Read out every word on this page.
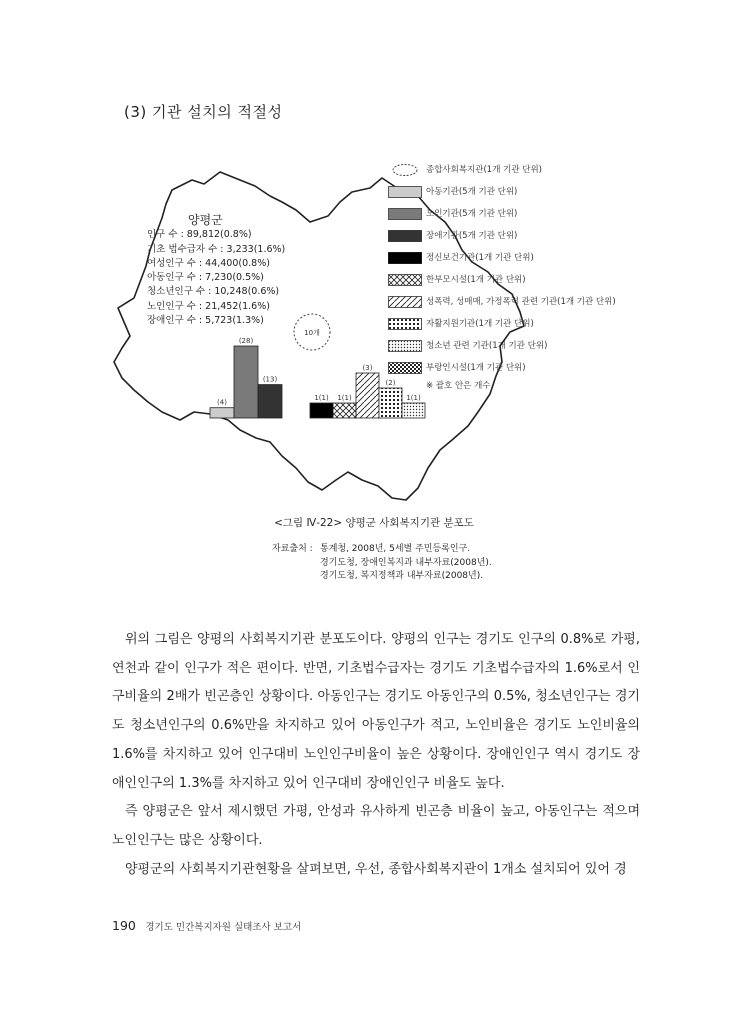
(3) 기관 설치의 적절성
10개
(4)
(28)
(13)
1(1) 1(1)
(3)
(2)
1(1)
양평군
인구 수 : 89,812(0.8%)
기초 법수급자 수 : 3,233(1.6%)
여성인구 수 : 44,400(0.8%)
아동인구 수 : 7,230(0.5%)
청소년인구 수 : 10,248(0.6%)
노인인구 수 : 21,452(1.6%)
장애인구 수 : 5,723(1.3%)
종합사회복지관(1개 기관 단위)
아동기관(5개 기관 단위)
노인기관(5개 기관 단위)
장애기관(5개 기관 단위)
정신보건기관(1개 기관 단위)
한부모시설(1개 기관 단위)
성폭력, 성매매, 가정폭력 관련 기관(1개 기관 단위)
자활지원기관(1개 기관 단위)
청소년 관련 기관(1개 기관 단위)
부랑인시설(1개 기관 단위)
※ 괄호 안은 개수
<그림 Ⅳ-22> 양평군 사회복지기관 분포도
자료출처 : 통계청, 2008년, 5세별 주민등록인구.
경기도청, 장애인복지과 내부자료(2008년).
경기도청, 복지정책과 내부자료(2008년).

위의 그림은 양평의 사회복지기관 분포도이다. 양평의 인구는 경기도 인구의 0.8%로 가평, 연천과 같이 인구가 적은 편이다. 반면, 기초법수급자는 경기도 기초법수급자의 1.6%로서 인구비율의 2배가 빈곤층인 상황이다. 아동인구는 경기도 아동인구의 0.5%, 청소년인구는 경기도 청소년인구의 0.6%만을 차지하고 있어 아동인구가 적고, 노인비율은 경기도 노인비율의 1.6%를 차지하고 있어 인구대비 노인인구비율이 높은 상황이다. 장애인인구 역시 경기도 장애인인구의 1.3%를 차지하고 있어 인구대비 장애인인구 비율도 높다.

즉 양평군은 앞서 제시했던 가평, 안성과 유사하게 빈곤층 비율이 높고, 아동인구는 적으며 노인인구는 많은 상황이다.

양평군의 사회복지기관현황을 살펴보면, 우선, 종합사회복지관이 1개소 설치되어 있어 경

190 경기도 민간복지자원 실태조사 보고서
